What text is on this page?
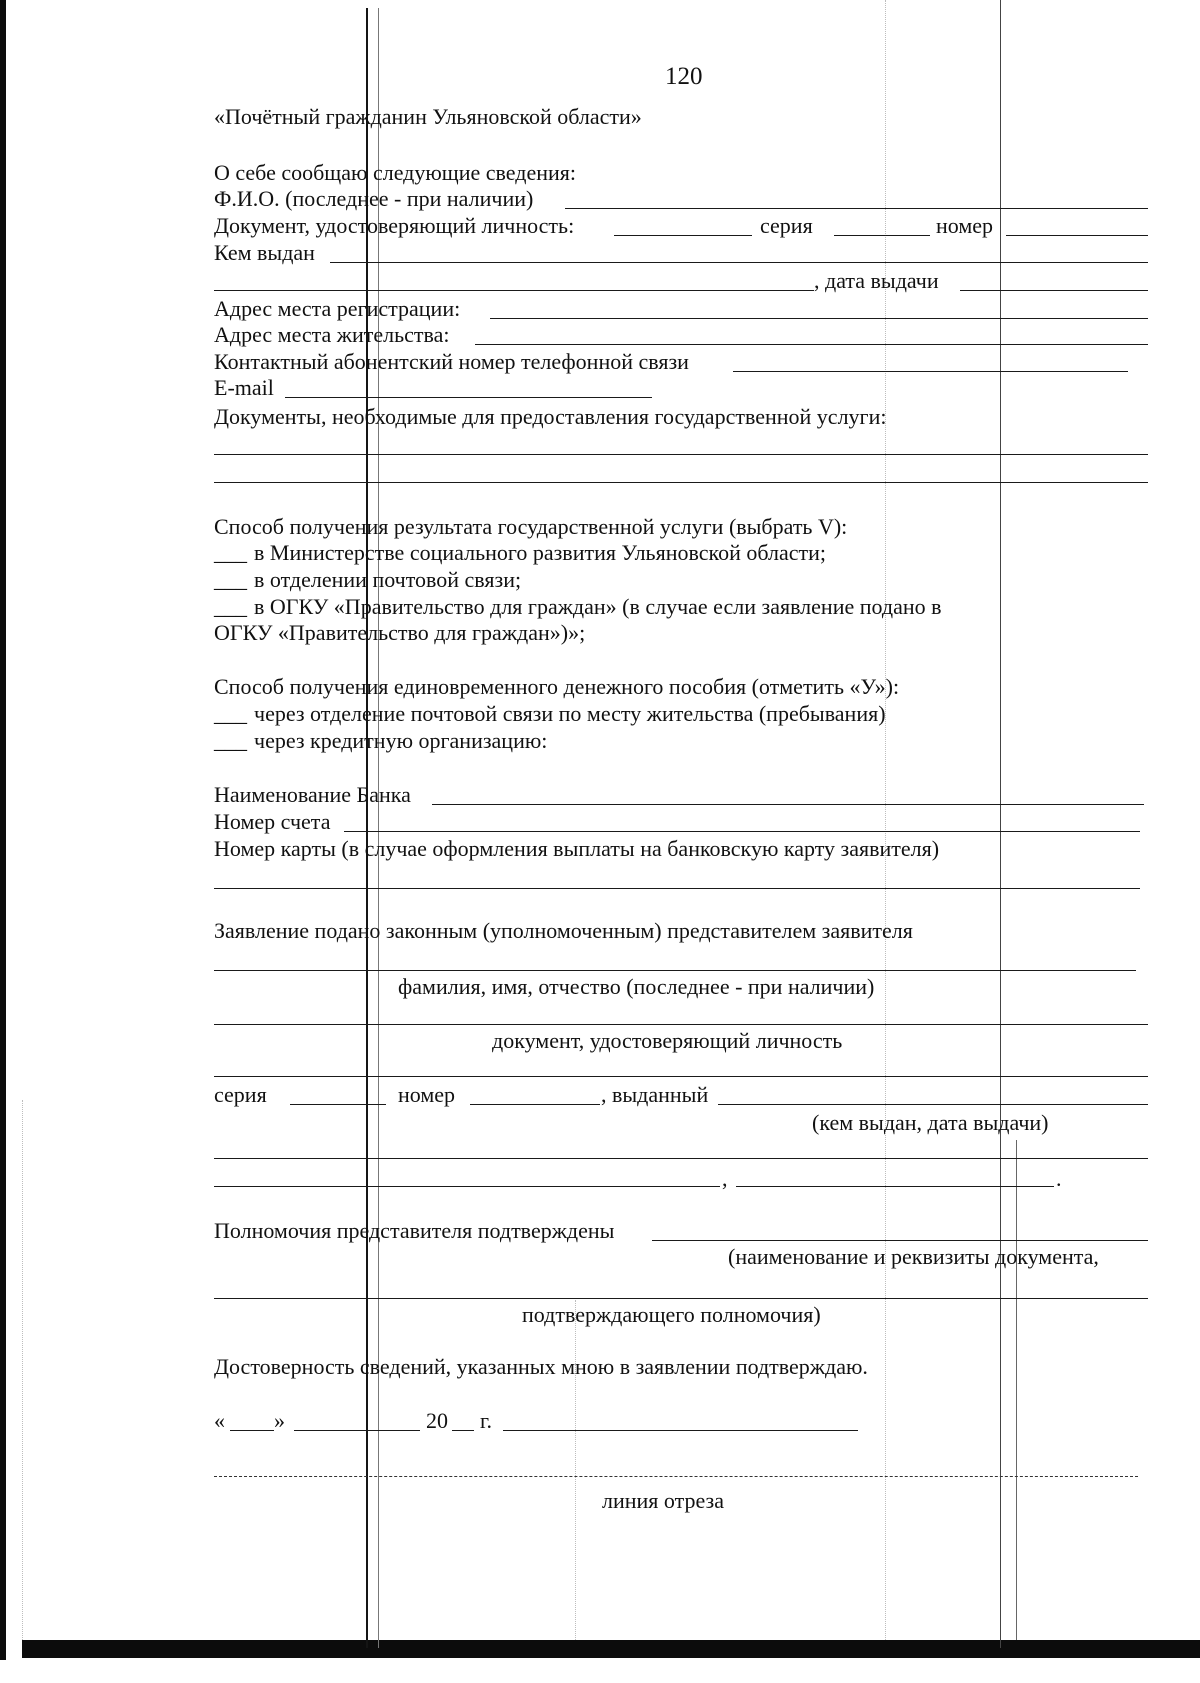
120
«Почётный гражданин Ульяновской области»
О себе сообщаю следующие сведения:
Ф.И.О. (последнее - при наличии)
Документ, удостоверяющий личность:	серия	номер
Кем выдан
, дата выдачи
Адрес места регистрации:
Адрес места жительства:
Контактный абонентский номер телефонной связи
E-mail
Документы, необходимые для предоставления государственной услуги:
Способ получения результата государственной услуги (выбрать V):
___ в Министерстве социального развития Ульяновской области;
___ в отделении почтовой связи;
___ в ОГКУ «Правительство для граждан» (в случае если заявление подано в
ОГКУ «Правительство для граждан»)»;
Способ получения единовременного денежного пособия (отметить «У»):
___ через отделение почтовой связи по месту жительства (пребывания)
___ через кредитную организацию:
Наименование Банка
Номер счета
Номер карты (в случае оформления выплаты на банковскую карту заявителя)
Заявление подано законным (уполномоченным) представителем заявителя
фамилия, имя, отчество (последнее - при наличии)
документ, удостоверяющий личность
серия	номер	, выданный
(кем выдан, дата выдачи)
,	.
Полномочия представителя подтверждены
(наименование и реквизиты документа,
подтверждающего полномочия)
Достоверность сведений, указанных мною в заявлении подтверждаю.
« »	20 г.
линия отреза
